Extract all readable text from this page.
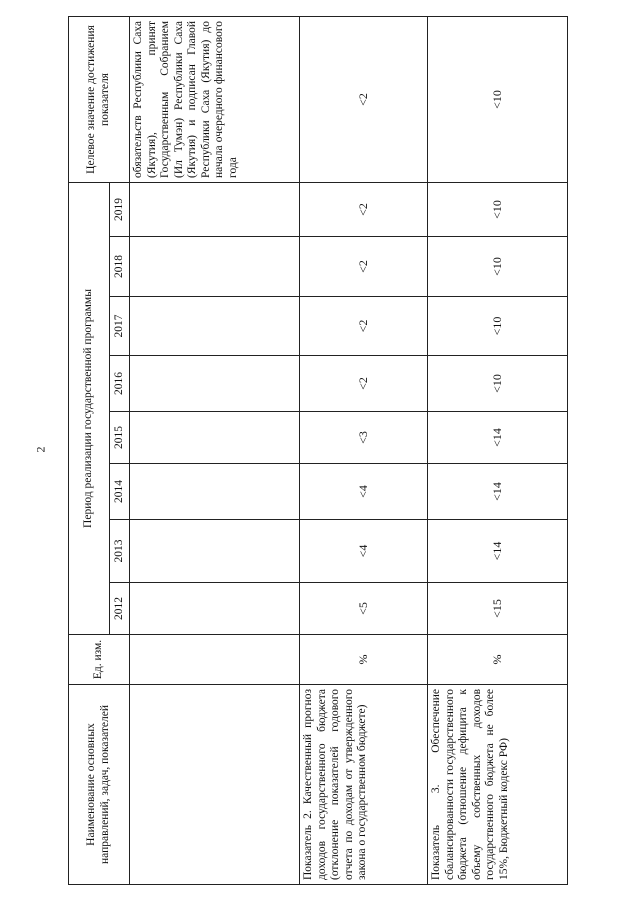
2
Наименование основных направлений, задач, показателей	Ед. изм.	Период реализации государственной программы								Целевое значение достижения показателя
		2012	2013	2014	2015	2016	2017	2018	2019	
										обязательств Республики Саха (Якутия), принят Государственным Собранием (Ил Тумэн) Республики Саха (Якутия) и подписан Главой Республики Саха (Якутия) до начала очередного финансового года
Показатель 2. Качественный прогноз доходов государственного бюджета (отклонение показателей годового отчета по доходам от утвержденного закона о государственном бюджете)	%	<5	<4	<4	<3	<2	<2	<2	<2	<2
Показатель 3. Обеспечение сбалансированности государственного бюджета (отношение дефицита к объему собственных доходов государственного бюджета не более 15%, Бюджетный кодекс РФ)	%	<15	<14	<14	<14	<10	<10	<10	<10	<10
